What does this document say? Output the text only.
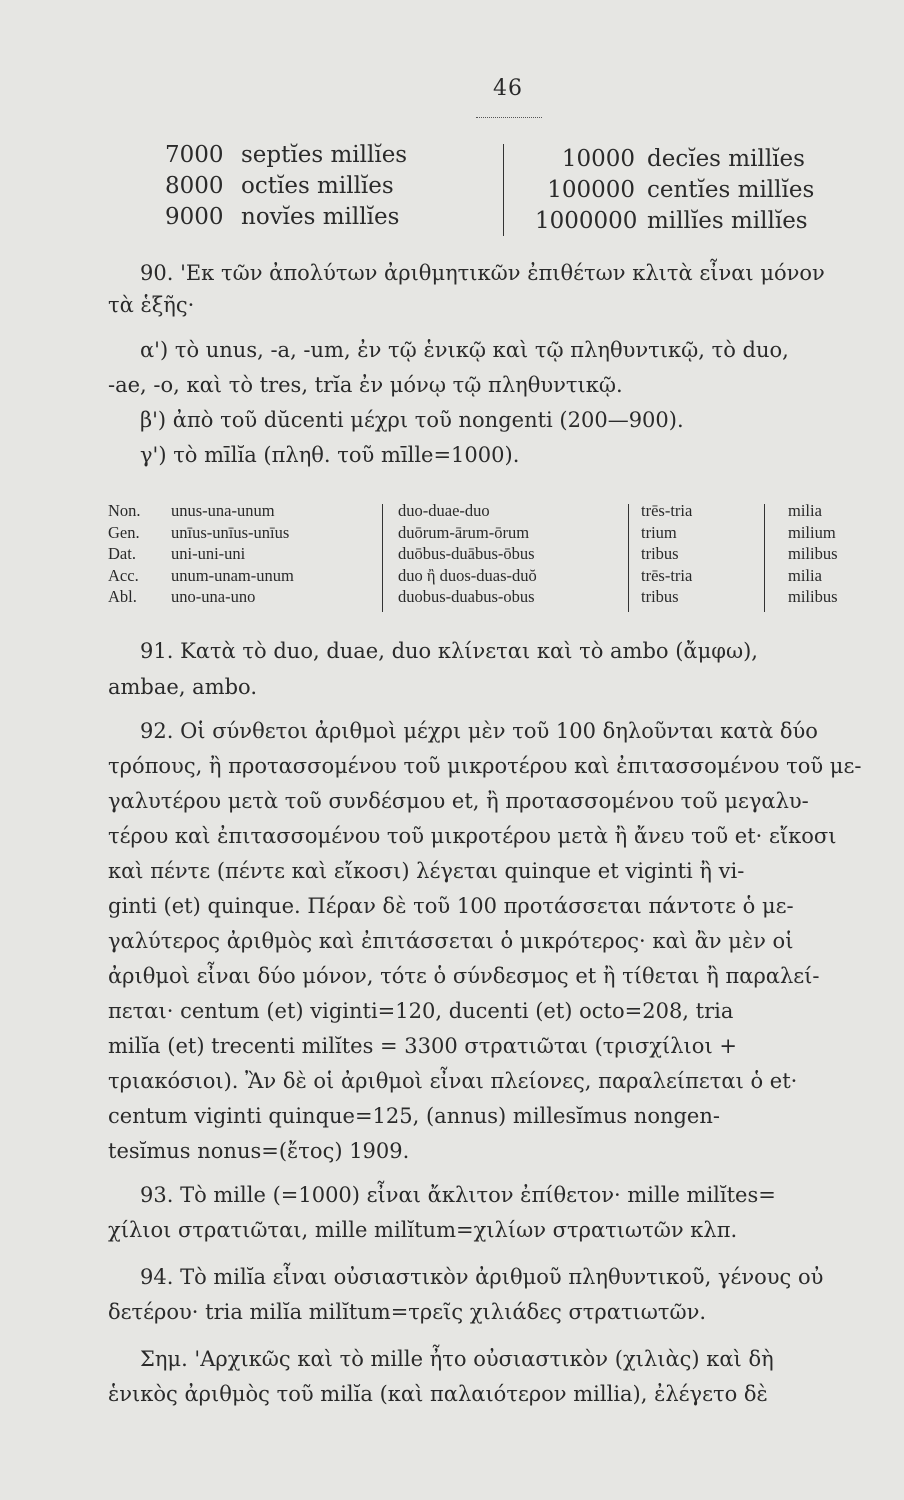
46
7000 septĭes millĭes
8000 octĭes millĭes
9000 novĭes millĭes
10000 decĭes millĭes
100000 centĭes millĭes
1000000 millĭes millĭes
90. 'Εκ τῶν ἀπολύτων ἀριθμητικῶν ἐπιθέτων κλιτὰ εἶναι μόνον
τὰ ἑξῆς·
α') τὸ unus, -a, -um, ἐν τῷ ἑνικῷ καὶ τῷ πληθυντικῷ, τὸ duo,
-ae, -o, καὶ τὸ tres, trĭa ἐν μόνῳ τῷ πληθυντικῷ.
β') ἀπὸ τοῦ dŭcenti μέχρι τοῦ nongenti (200—900).
γ') τὸ mīlĭa (πληθ. τοῦ mīlle=1000).
Non.
Gen.
Dat.
Acc.
Abl.
unus-una-unum
unīus-unīus-unīus
uni-uni-uni
unum-unam-unum
uno-una-uno
duo-duae-duo
duōrum-ārum-ōrum
duōbus-duābus-ōbus
duo ἢ duos-duas-duŏ
duobus-duabus-obus
trēs-tria
trium
tribus
trēs-tria
tribus
milia
milium
milibus
milia
milibus
91. Κατὰ τὸ duo, duae, duo κλίνεται καὶ τὸ ambo (ἄμφω),
ambae, ambo.
92. Οἱ σύνθετοι ἀριθμοὶ μέχρι μὲν τοῦ 100 δηλοῦνται κατὰ δύο
τρόπους, ἢ προτασσομένου τοῦ μικροτέρου καὶ ἐπιτασσομένου τοῦ με-
γαλυτέρου μετὰ τοῦ συνδέσμου et, ἢ προτασσομένου τοῦ μεγαλυ-
τέρου καὶ ἐπιτασσομένου τοῦ μικροτέρου μετὰ ἢ ἄνευ τοῦ et· εἴκοσι
καὶ πέντε (πέντε καὶ εἴκοσι) λέγεται quinque et viginti ἢ vi-
ginti (et) quinque. Πέραν δὲ τοῦ 100 προτάσσεται πάντοτε ὁ με-
γαλύτερος ἀριθμὸς καὶ ἐπιτάσσεται ὁ μικρότερος· καὶ ἂν μὲν οἱ
ἀριθμοὶ εἶναι δύο μόνον, τότε ὁ σύνδεσμος et ἢ τίθεται ἢ παραλεί-
πεται· centum (et) viginti=120, ducenti (et) octo=208, tria
milĭa (et) trecenti milĭtes = 3300 στρατιῶται (τρισχίλιοι +
τριακόσιοι). Ἂν δὲ οἱ ἀριθμοὶ εἶναι πλείονες, παραλείπεται ὁ et·
centum viginti quinque=125, (annus) millesĭmus nongen-
tesĭmus nonus=(ἔτος) 1909.
93. Τὸ mille (=1000) εἶναι ἄκλιτον ἐπίθετον· mille milĭtes=
χίλιοι στρατιῶται, mille milĭtum=χιλίων στρατιωτῶν κλπ.
94. Τὸ milĭa εἶναι οὐσιαστικὸν ἀριθμοῦ πληθυντικοῦ, γένους οὐ
δετέρου· tria milĭa milĭtum=τρεῖς χιλιάδες στρατιωτῶν.
Σημ. 'Αρχικῶς καὶ τὸ mille ἦτο οὐσιαστικὸν (χιλιὰς) καὶ δὴ
ἑνικὸς ἀριθμὸς τοῦ milĭa (καὶ παλαιότερον millia), ἐλέγετο δὲ
